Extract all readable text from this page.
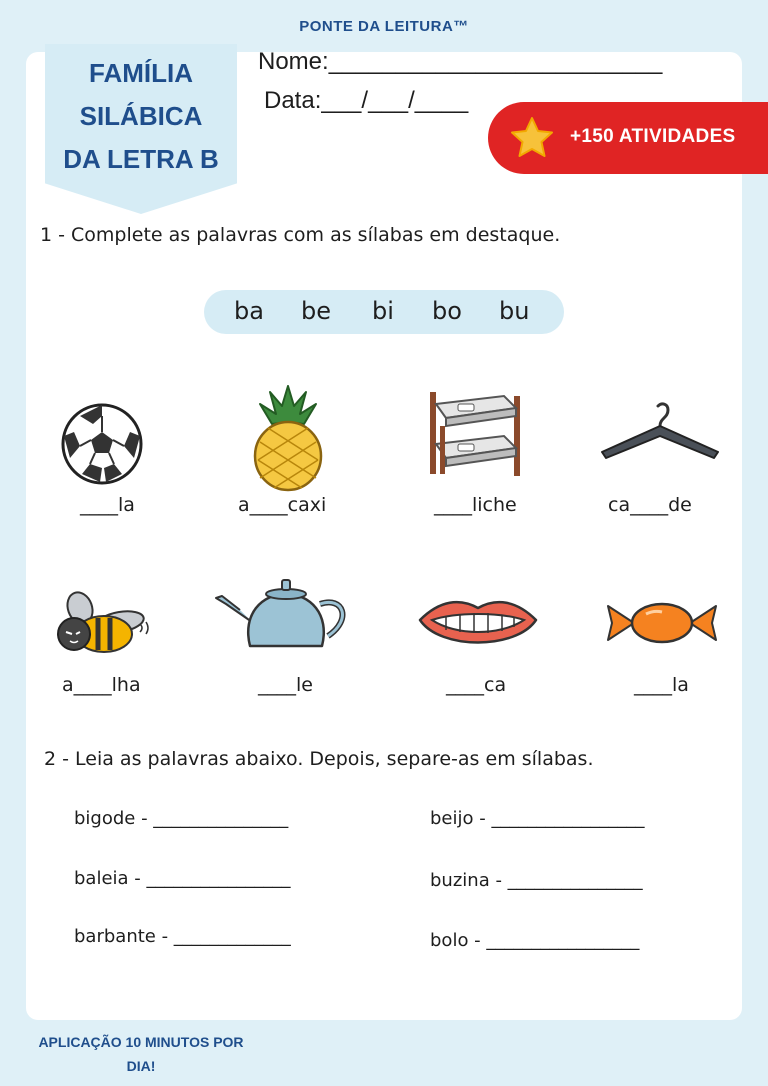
PONTE DA LEITURA™
FAMÍLIA
SILÁBICA
DA LETRA B
Nome:_________________________
Data:___/___/____
+150 ATIVIDADES
1 - Complete as palavras com as sílabas em destaque.
ba be bi bo bu
____la	a____caxi	____liche	ca____de
a____lha	____le	____ca	____la
2 - Leia as palavras abaixo. Depois, separe-as em sílabas.
bigode - _______________	beijo - _________________
baleia - ________________	buzina - _______________
barbante - _____________	bolo - _________________
APLICAÇÃO 10 MINUTOS POR
DIA!
